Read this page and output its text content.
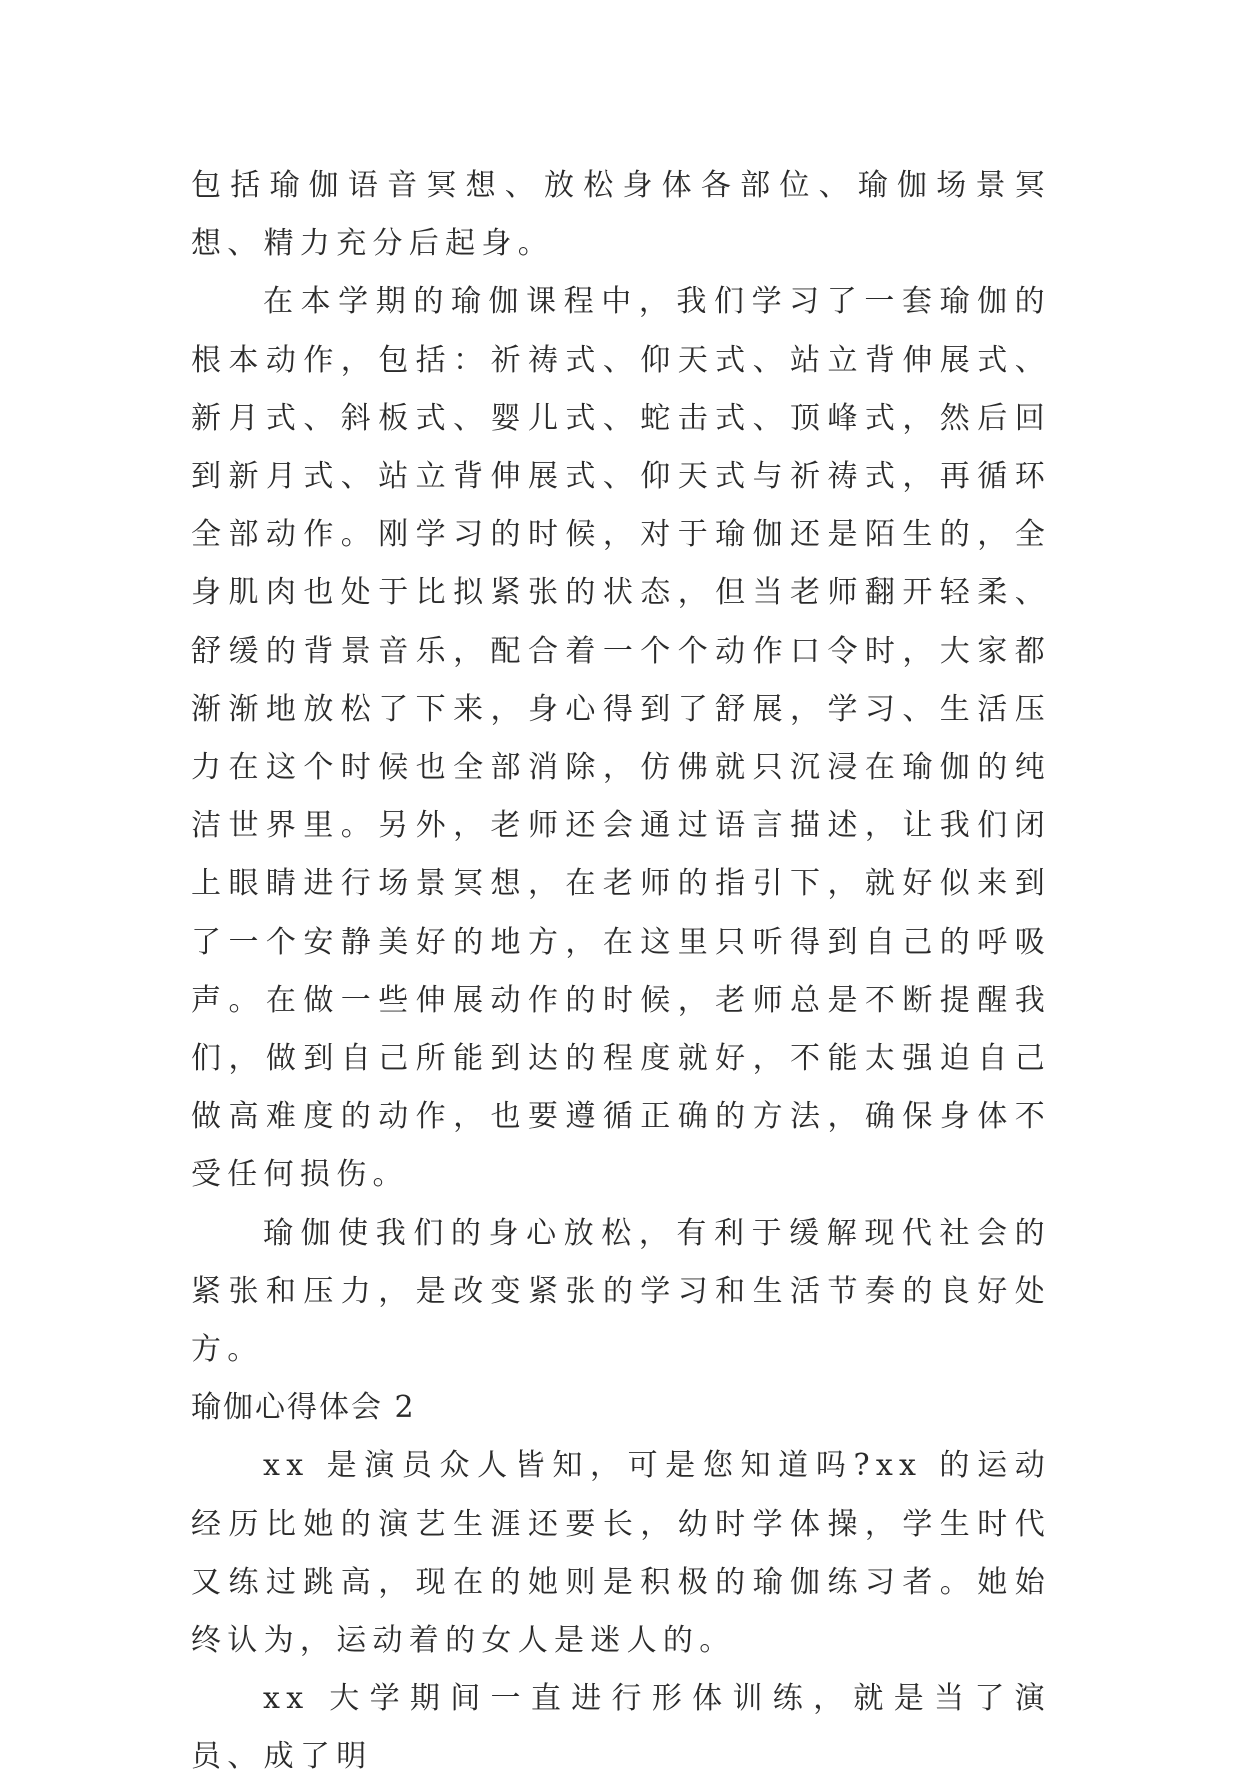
包括瑜伽语音冥想、放松身体各部位、瑜伽场景冥想、精力充分后起身。

在本学期的瑜伽课程中，我们学习了一套瑜伽的根本动作，包括：祈祷式、仰天式、站立背伸展式、新月式、斜板式、婴儿式、蛇击式、顶峰式，然后回到新月式、站立背伸展式、仰天式与祈祷式，再循环全部动作。刚学习的时候，对于瑜伽还是陌生的，全身肌肉也处于比拟紧张的状态，但当老师翻开轻柔、舒缓的背景音乐，配合着一个个动作口令时，大家都渐渐地放松了下来，身心得到了舒展，学习、生活压力在这个时候也全部消除，仿佛就只沉浸在瑜伽的纯洁世界里。另外，老师还会通过语言描述，让我们闭上眼睛进行场景冥想，在老师的指引下，就好似来到了一个安静美好的地方，在这里只听得到自己的呼吸声。在做一些伸展动作的时候，老师总是不断提醒我们，做到自己所能到达的程度就好，不能太强迫自己做高难度的动作，也要遵循正确的方法，确保身体不受任何损伤。

瑜伽使我们的身心放松，有利于缓解现代社会的紧张和压力，是改变紧张的学习和生活节奏的良好处方。

瑜伽心得体会 2

xx 是演员众人皆知，可是您知道吗?xx 的运动经历比她的演艺生涯还要长，幼时学体操，学生时代又练过跳高，现在的她则是积极的瑜伽练习者。她始终认为，运动着的女人是迷人的。

xx 大学期间一直进行形体训练，就是当了演员、成了明
